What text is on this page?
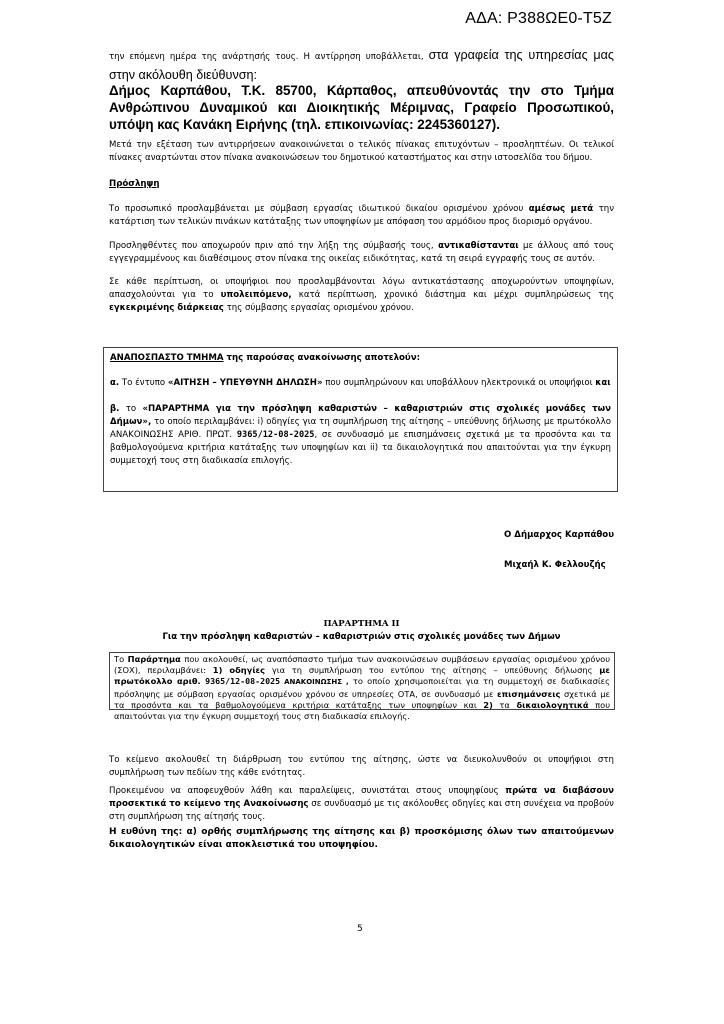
ΑΔΑ: Ρ388ΩΕ0-Τ5Ζ

την επόμενη ημέρα της ανάρτησής τους. Η αντίρρηση υποβάλλεται, στα γραφεία της υπηρεσίας μας στην ακόλουθη διεύθυνση:

Δήμος Καρπάθου, Τ.Κ. 85700, Κάρπαθος, απευθύνοντάς την στο Τμήμα Ανθρώπινου Δυναμικού και Διοικητικής Μέριμνας, Γραφείο Προσωπικού, υπόψη κας Κανάκη Ειρήνης (τηλ. επικοινωνίας: 2245360127).

Μετά την εξέταση των αντιρρήσεων ανακοινώνεται ο τελικός πίνακας επιτυχόντων – προσληπτέων. Οι τελικοί πίνακες αναρτώνται στον πίνακα ανακοινώσεων του δημοτικού καταστήματος και στην ιστοσελίδα του δήμου.

Πρόσληψη

Το προσωπικό προσλαμβάνεται με σύμβαση εργασίας ιδιωτικού δικαίου ορισμένου χρόνου αμέσως μετά την κατάρτιση των τελικών πινάκων κατάταξης των υποψηφίων με απόφαση του αρμόδιου προς διορισμό οργάνου.

Προσληφθέντες που αποχωρούν πριν από την λήξη της σύμβασής τους, αντικαθίστανται με άλλους από τους εγγεγραμμένους και διαθέσιμους στον πίνακα της οικείας ειδικότητας, κατά τη σειρά εγγραφής τους σε αυτόν.

Σε κάθε περίπτωση, οι υποψήφιοι που προσλαμβάνονται λόγω αντικατάστασης αποχωρούντων υποψηφίων, απασχολούνται για το υπολειπόμενο, κατά περίπτωση, χρονικό διάστημα και μέχρι συμπληρώσεως της εγκεκριμένης διάρκειας της σύμβασης εργασίας ορισμένου χρόνου.

ΑΝΑΠΟΣΠΑΣΤΟ ΤΜΗΜΑ της παρούσας ανακοίνωσης αποτελούν:

α. Το έντυπο «ΑΙΤΗΣΗ – ΥΠΕΥΘΥΝΗ ΔΗΛΩΣΗ» που συμπληρώνουν και υποβάλλουν ηλεκτρονικά οι υποψήφιοι και

β. το «ΠΑΡΑΡΤΗΜΑ για την πρόσληψη καθαριστών – καθαριστριών στις σχολικές μονάδες των Δήμων», το οποίο περιλαμβάνει: i) οδηγίες για τη συμπλήρωση της αίτησης – υπεύθυνης δήλωσης με πρωτόκολλο ΑΝΑΚΟΙΝΩΣΗΣ ΑΡΙΘ. ΠΡΩΤ. 9365/12-08-2025, σε συνδυασμό με επισημάνσεις σχετικά με τα προσόντα και τα βαθμολογούμενα κριτήρια κατάταξης των υποψηφίων και ii) τα δικαιολογητικά που απαιτούνται για την έγκυρη συμμετοχή τους στη διαδικασία επιλογής.

Ο Δήμαρχος Καρπάθου
Μιχαήλ Κ. Φελλουζής

ΠΑΡΑΡΤΗΜΑ ΙΙ

Για την πρόσληψη καθαριστών – καθαριστριών στις σχολικές μονάδες των Δήμων

Το Παράρτημα που ακολουθεί, ως αναπόσπαστο τμήμα των ανακοινώσεων συμβάσεων εργασίας ορισμένου χρόνου (ΣΟΧ), περιλαμβάνει: 1) οδηγίες για τη συμπλήρωση του εντύπου της αίτησης – υπεύθυνης δήλωσης με πρωτόκολλο αριθ. 9365/12-08-2025 ΑΝΑΚΟΙΝΩΣΗΣ , το οποίο χρησιμοποιείται για τη συμμετοχή σε διαδικασίες πρόσληψης με σύμβαση εργασίας ορισμένου χρόνου σε υπηρεσίες ΟΤΑ, σε συνδυασμό με επισημάνσεις σχετικά με τα προσόντα και τα βαθμολογούμενα κριτήρια κατάταξης των υποψηφίων και 2) τα δικαιολογητικά που απαιτούνται για την έγκυρη συμμετοχή τους στη διαδικασία επιλογής.

Το κείμενο ακολουθεί τη διάρθρωση του εντύπου της αίτησης, ώστε να διευκολυνθούν οι υποψήφιοι στη συμπλήρωση των πεδίων της κάθε ενότητας.

Προκειμένου να αποφευχθούν λάθη και παραλείψεις, συνιστάται στους υποψηφίους πρώτα να διαβάσουν προσεκτικά το κείμενο της Ανακοίνωσης σε συνδυασμό με τις ακόλουθες οδηγίες και στη συνέχεια να προβούν στη συμπλήρωση της αίτησής τους.

Η ευθύνη της: α) ορθής συμπλήρωσης της αίτησης και β) προσκόμισης όλων των απαιτούμενων δικαιολογητικών είναι αποκλειστικά του υποψηφίου.

5
